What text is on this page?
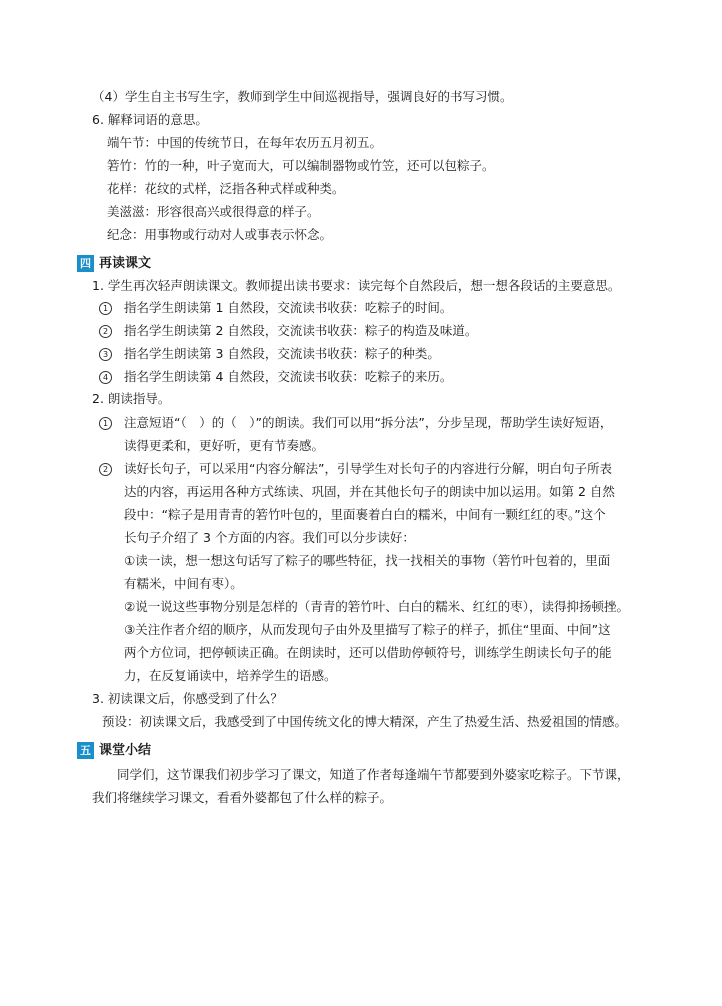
（4）学生自主书写生字，教师到学生中间巡视指导，强调良好的书写习惯。
6. 解释词语的意思。
端午节：中国的传统节日，在每年农历五月初五。
箬竹：竹的一种，叶子宽而大，可以编制器物或竹笠，还可以包粽子。
花样：花纹的式样，泛指各种式样或种类。
美滋滋：形容很高兴或很得意的样子。
纪念：用事物或行动对人或事表示怀念。
四 再读课文
1. 学生再次轻声朗读课文。教师提出读书要求：读完每个自然段后，想一想各段话的主要意思。
1	指名学生朗读第 1 自然段，交流读书收获：吃粽子的时间。
2	指名学生朗读第 2 自然段，交流读书收获：粽子的构造及味道。
3	指名学生朗读第 3 自然段，交流读书收获：粽子的种类。
4	指名学生朗读第 4 自然段，交流读书收获：吃粽子的来历。
2. 朗读指导。
1	注意短语“（　）的（　）”的朗读。我们可以用“拆分法”，分步呈现，帮助学生读好短语，
读得更柔和，更好听，更有节奏感。
2	读好长句子，可以采用“内容分解法”，引导学生对长句子的内容进行分解，明白句子所表
达的内容，再运用各种方式练读、巩固，并在其他长句子的朗读中加以运用。如第 2 自然
段中：“粽子是用青青的箬竹叶包的，里面裹着白白的糯米，中间有一颗红红的枣。”这个
长句子介绍了 3 个方面的内容。我们可以分步读好：
①读一读，想一想这句话写了粽子的哪些特征，找一找相关的事物（箬竹叶包着的，里面
有糯米，中间有枣）。
②说一说这些事物分别是怎样的（青青的箬竹叶、白白的糯米、红红的枣），读得抑扬顿挫。
③关注作者介绍的顺序，从而发现句子由外及里描写了粽子的样子，抓住“里面、中间”这
两个方位词，把停顿读正确。在朗读时，还可以借助停顿符号，训练学生朗读长句子的能
力，在反复诵读中，培养学生的语感。
3. 初读课文后，你感受到了什么？
预设：初读课文后，我感受到了中国传统文化的博大精深，产生了热爱生活、热爱祖国的情感。
五 课堂小结
同学们，这节课我们初步学习了课文，知道了作者每逢端午节都要到外婆家吃粽子。下节课，
我们将继续学习课文，看看外婆都包了什么样的粽子。
